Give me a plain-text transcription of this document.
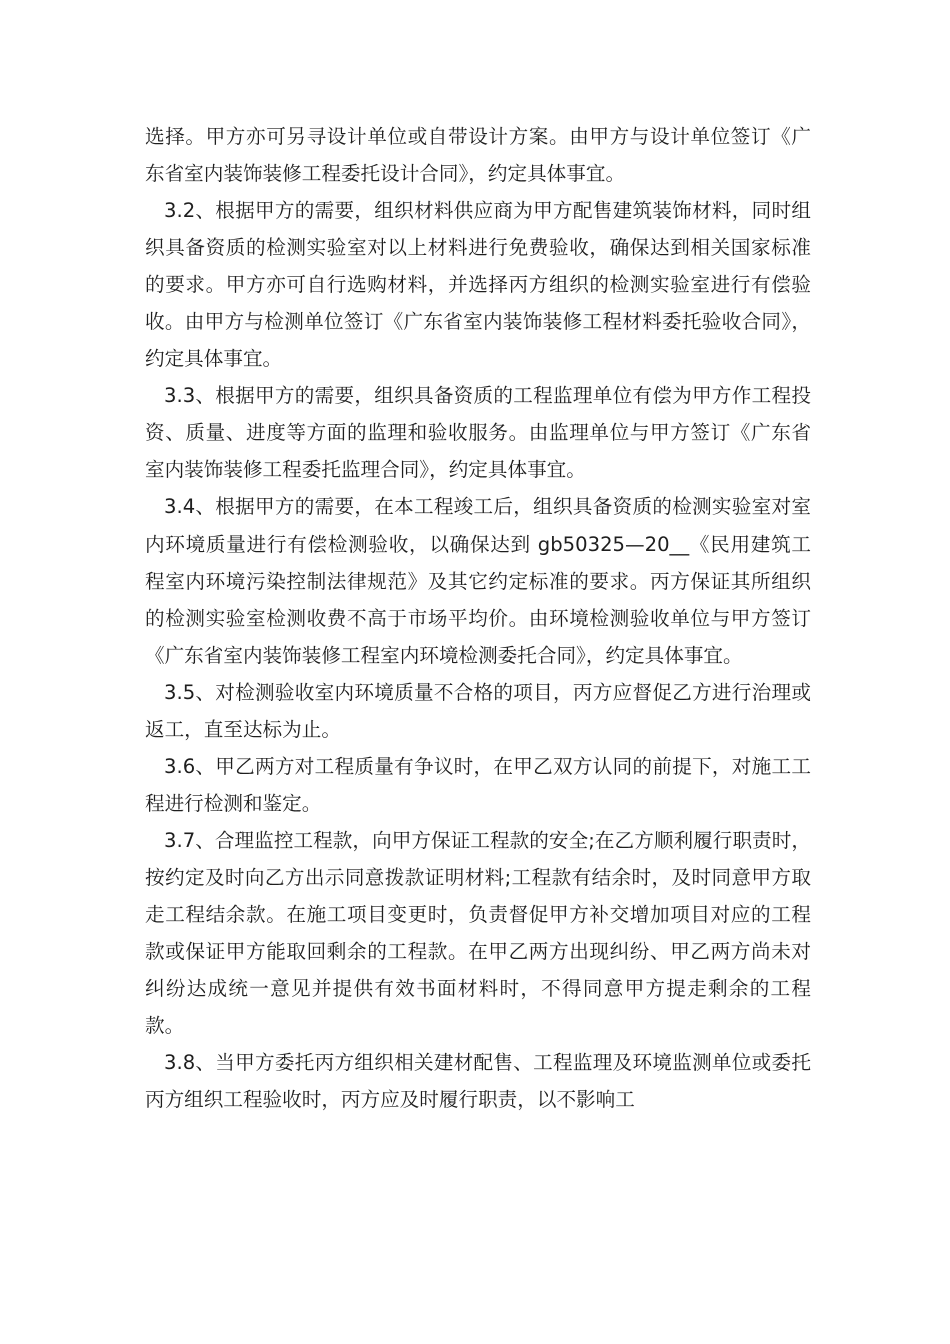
选择。甲方亦可另寻设计单位或自带设计方案。由甲方与设计单位签订《广东省室内装饰装修工程委托设计合同》，约定具体事宜。

3.2、根据甲方的需要，组织材料供应商为甲方配售建筑装饰材料，同时组织具备资质的检测实验室对以上材料进行免费验收，确保达到相关国家标准的要求。甲方亦可自行选购材料，并选择丙方组织的检测实验室进行有偿验收。由甲方与检测单位签订《广东省室内装饰装修工程材料委托验收合同》，约定具体事宜。

3.3、根据甲方的需要，组织具备资质的工程监理单位有偿为甲方作工程投资、质量、进度等方面的监理和验收服务。由监理单位与甲方签订《广东省室内装饰装修工程委托监理合同》，约定具体事宜。

3.4、根据甲方的需要，在本工程竣工后，组织具备资质的检测实验室对室内环境质量进行有偿检测验收，以确保达到 gb50325—20__《民用建筑工程室内环境污染控制法律规范》及其它约定标准的要求。丙方保证其所组织的检测实验室检测收费不高于市场平均价。由环境检测验收单位与甲方签订《广东省室内装饰装修工程室内环境检测委托合同》，约定具体事宜。

3.5、对检测验收室内环境质量不合格的项目，丙方应督促乙方进行治理或返工，直至达标为止。

3.6、甲乙两方对工程质量有争议时，在甲乙双方认同的前提下，对施工工程进行检测和鉴定。

3.7、合理监控工程款，向甲方保证工程款的安全;在乙方顺利履行职责时，按约定及时向乙方出示同意拨款证明材料;工程款有结余时，及时同意甲方取走工程结余款。在施工项目变更时，负责督促甲方补交增加项目对应的工程款或保证甲方能取回剩余的工程款。在甲乙两方出现纠纷、甲乙两方尚未对纠纷达成统一意见并提供有效书面材料时，不得同意甲方提走剩余的工程款。

3.8、当甲方委托丙方组织相关建材配售、工程监理及环境监测单位或委托丙方组织工程验收时，丙方应及时履行职责，以不影响工
